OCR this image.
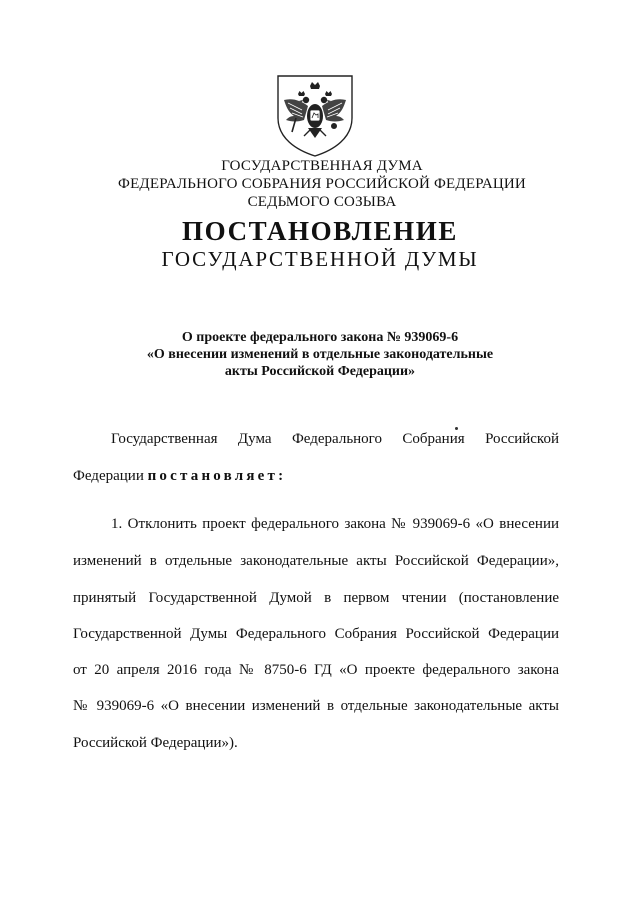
ГОСУДАРСТВЕННАЯ ДУМА
ФЕДЕРАЛЬНОГО СОБРАНИЯ РОССИЙСКОЙ ФЕДЕРАЦИИ
СЕДЬМОГО СОЗЫВА
ПОСТАНОВЛЕНИЕ
ГОСУДАРСТВЕННОЙ ДУМЫ
О проекте федерального закона № 939069-6
«О внесении изменений в отдельные законодательные
акты Российской Федерации»
Государственная Дума Федерального Собрания Российской
Федерации постановляет:
1. Отклонить проект федерального закона № 939069-6 «О внесении
изменений в отдельные законодательные акты Российской Федерации»,
принятый Государственной Думой в первом чтении (постановление
Государственной Думы Федерального Собрания Российской Федерации
от 20 апреля 2016 года № 8750-6 ГД «О проекте федерального закона
№ 939069-6 «О внесении изменений в отдельные законодательные акты
Российской Федерации»).
